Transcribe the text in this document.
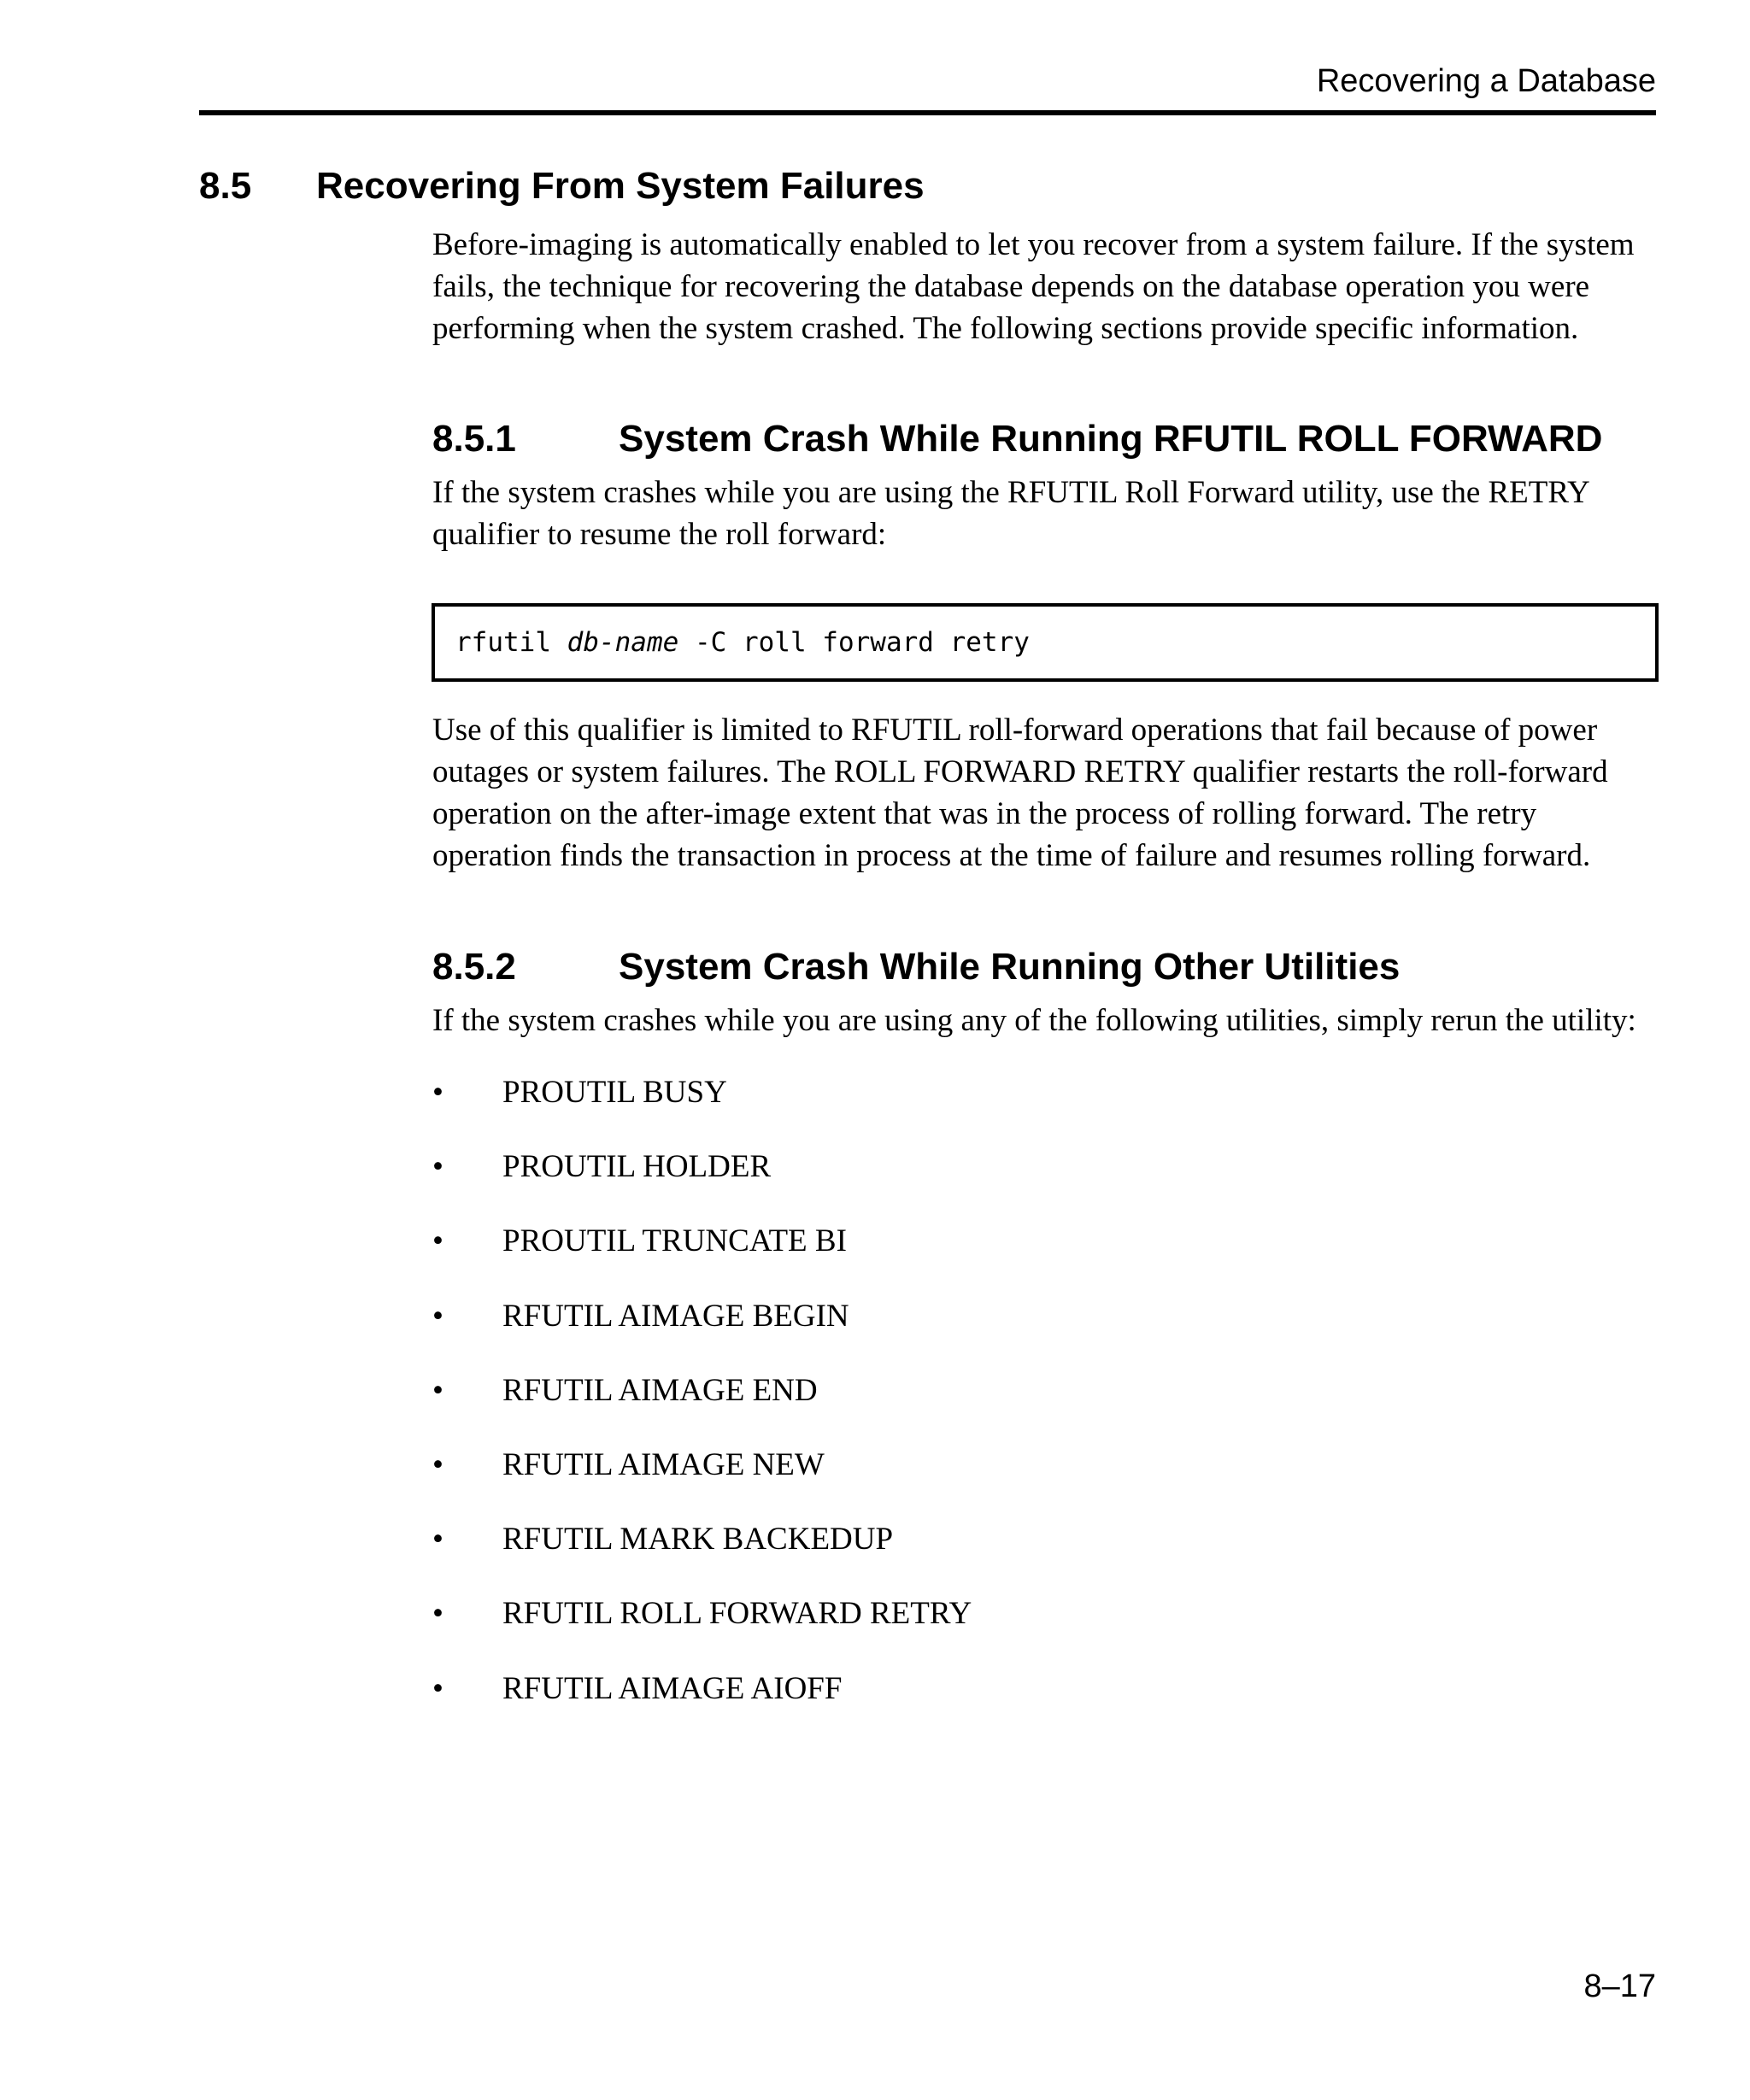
Recovering a Database
8.5 Recovering From System Failures

Before-imaging is automatically enabled to let you recover from a system failure. If the system fails, the technique for recovering the database depends on the database operation you were performing when the system crashed. The following sections provide specific information.

8.5.1	System Crash While Running RFUTIL ROLL FORWARD

If the system crashes while you are using the RFUTIL Roll Forward utility, use the RETRY qualifier to resume the roll forward:

rfutil db-name -C roll forward retry

Use of this qualifier is limited to RFUTIL roll-forward operations that fail because of power outages or system failures. The ROLL FORWARD RETRY qualifier restarts the roll-forward operation on the after-image extent that was in the process of rolling forward. The retry operation finds the transaction in process at the time of failure and resumes rolling forward.

8.5.2	System Crash While Running Other Utilities

If the system crashes while you are using any of the following utilities, simply rerun the utility:

• PROUTIL BUSY
• PROUTIL HOLDER
• PROUTIL TRUNCATE BI
• RFUTIL AIMAGE BEGIN
• RFUTIL AIMAGE END
• RFUTIL AIMAGE NEW
• RFUTIL MARK BACKEDUP
• RFUTIL ROLL FORWARD RETRY
• RFUTIL AIMAGE AIOFF
8–17
